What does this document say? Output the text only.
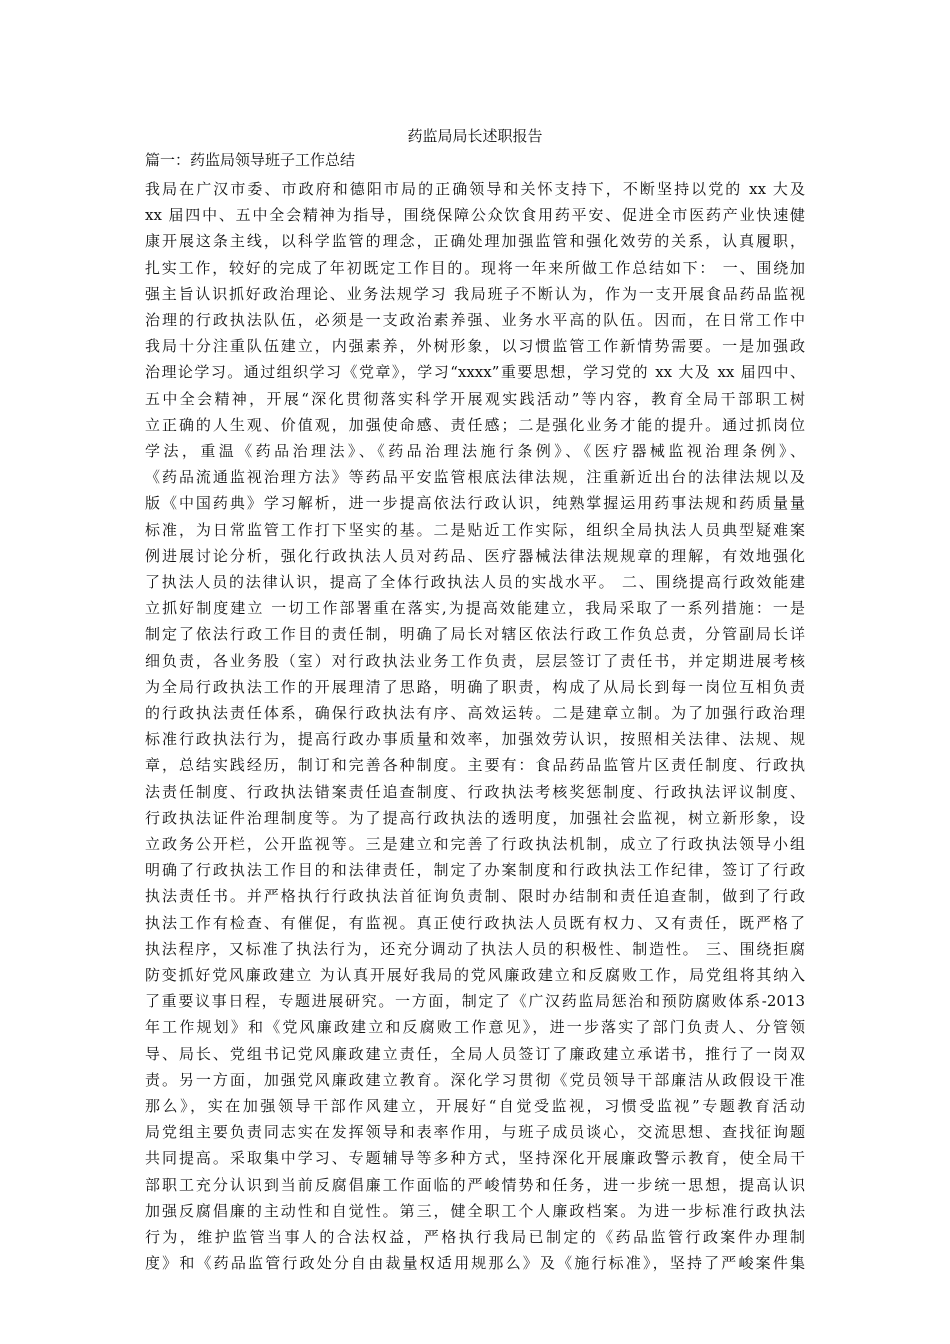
药监局局长述职报告
篇一：药监局领导班子工作总结
我局在广汉市委、市政府和德阳市局的正确领导和关怀支持下，不断坚持以党的 xx 大及
xx 届四中、五中全会精神为指导，围绕保障公众饮食用药平安、促进全市医药产业快速健
康开展这条主线，以科学监管的理念，正确处理加强监管和强化效劳的关系，认真履职，
扎实工作，较好的完成了年初既定工作目的。现将一年来所做工作总结如下： 一、围绕加
强主旨认识抓好政治理论、业务法规学习 我局班子不断认为，作为一支开展食品药品监视
治理的行政执法队伍，必须是一支政治素养强、业务水平高的队伍。因而，在日常工作中
我局十分注重队伍建立，内强素养，外树形象，以习惯监管工作新情势需要。一是加强政
治理论学习。通过组织学习《党章》，学习“xxxx”重要思想，学习党的 xx 大及 xx 届四中、
五中全会精神，开展“深化贯彻落实科学开展观实践活动”等内容，教育全局干部职工树
立正确的人生观、价值观，加强使命感、责任感；二是强化业务才能的提升。通过抓岗位
学法，重温《药品治理法》、《药品治理法施行条例》、《医疗器械监视治理条例》、
《药品流通监视治理方法》等药品平安监管根底法律法规，注重新近出台的法律法规以及
版《中国药典》学习解析，进一步提高依法行政认识，纯熟掌握运用药事法规和药质量量
标准，为日常监管工作打下坚实的基。二是贴近工作实际，组织全局执法人员典型疑难案
例进展讨论分析，强化行政执法人员对药品、医疗器械法律法规规章的理解，有效地强化
了执法人员的法律认识，提高了全体行政执法人员的实战水平。 二、围绕提高行政效能建
立抓好制度建立 一切工作部署重在落实,为提高效能建立，我局采取了一系列措施：一是
制定了依法行政工作目的责任制，明确了局长对辖区依法行政工作负总责，分管副局长详
细负责，各业务股（室）对行政执法业务工作负责，层层签订了责任书，并定期进展考核
为全局行政执法工作的开展理清了思路，明确了职责，构成了从局长到每一岗位互相负责
的行政执法责任体系，确保行政执法有序、高效运转。二是建章立制。为了加强行政治理
标准行政执法行为，提高行政办事质量和效率，加强效劳认识，按照相关法律、法规、规
章，总结实践经历，制订和完善各种制度。主要有：食品药品监管片区责任制度、行政执
法责任制度、行政执法错案责任追查制度、行政执法考核奖惩制度、行政执法评议制度、
行政执法证件治理制度等。为了提高行政执法的透明度，加强社会监视，树立新形象，设
立政务公开栏，公开监视等。三是建立和完善了行政执法机制，成立了行政执法领导小组
明确了行政执法工作目的和法律责任，制定了办案制度和行政执法工作纪律，签订了行政
执法责任书。并严格执行行政执法首征询负责制、限时办结制和责任追查制，做到了行政
执法工作有检查、有催促，有监视。真正使行政执法人员既有权力、又有责任，既严格了
执法程序，又标准了执法行为，还充分调动了执法人员的积极性、制造性。 三、围绕拒腐
防变抓好党风廉政建立 为认真开展好我局的党风廉政建立和反腐败工作，局党组将其纳入
了重要议事日程，专题进展研究。一方面，制定了《广汉药监局惩治和预防腐败体系-2013
年工作规划》和《党风廉政建立和反腐败工作意见》，进一步落实了部门负责人、分管领
导、局长、党组书记党风廉政建立责任，全局人员签订了廉政建立承诺书，推行了一岗双
责。另一方面，加强党风廉政建立教育。深化学习贯彻《党员领导干部廉洁从政假设干准
那么》，实在加强领导干部作风建立，开展好“自觉受监视，习惯受监视”专题教育活动
局党组主要负责同志实在发挥领导和表率作用，与班子成员谈心，交流思想、查找征询题
共同提高。采取集中学习、专题辅导等多种方式，坚持深化开展廉政警示教育，使全局干
部职工充分认识到当前反腐倡廉工作面临的严峻情势和任务，进一步统一思想，提高认识
加强反腐倡廉的主动性和自觉性。第三，健全职工个人廉政档案。为进一步标准行政执法
行为，维护监管当事人的合法权益，严格执行我局已制定的《药品监管行政案件办理制
度》和《药品监管行政处分自由裁量权适用规那么》及《施行标准》，坚持了严峻案件集
